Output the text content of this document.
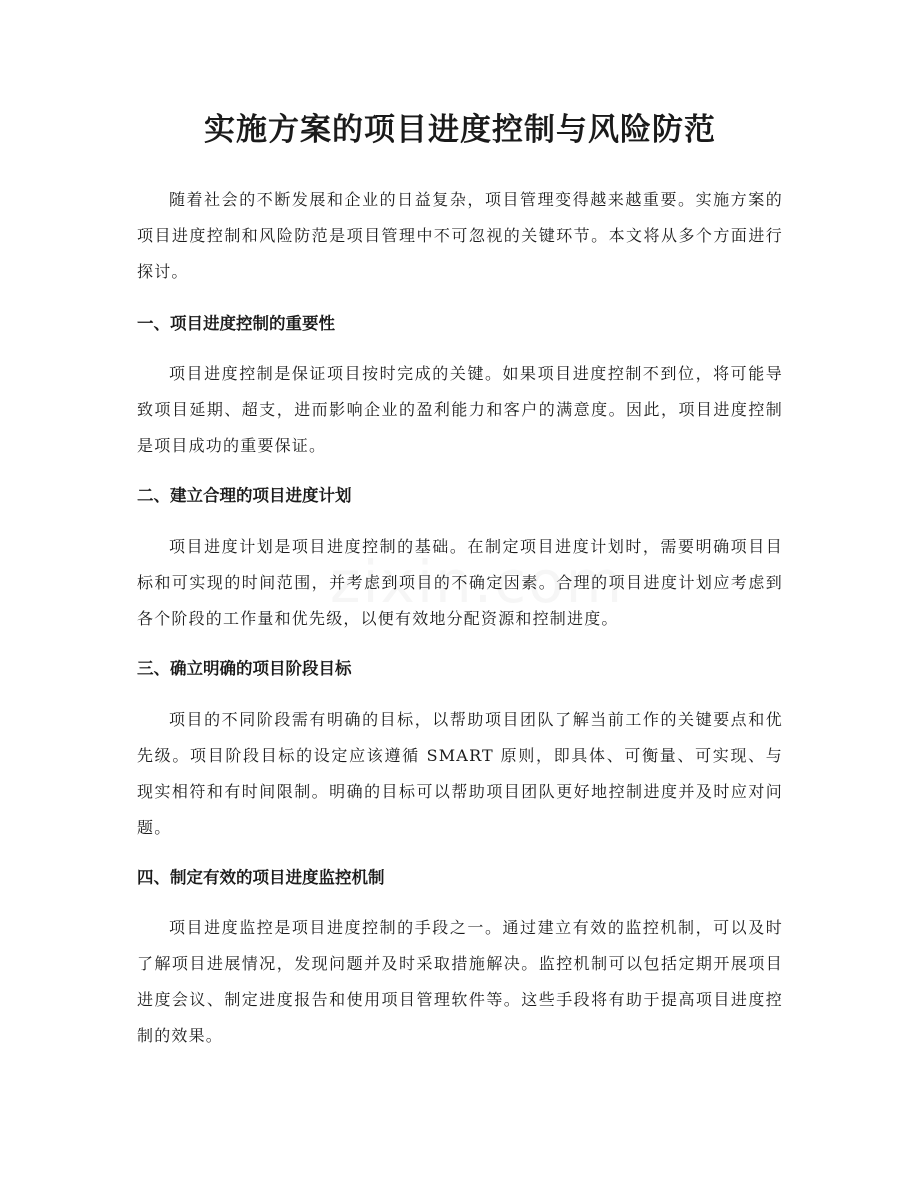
实施方案的项目进度控制与风险防范

随着社会的不断发展和企业的日益复杂，项目管理变得越来越重要。实施方案的项目进度控制和风险防范是项目管理中不可忽视的关键环节。本文将从多个方面进行探讨。

一、项目进度控制的重要性

项目进度控制是保证项目按时完成的关键。如果项目进度控制不到位，将可能导致项目延期、超支，进而影响企业的盈利能力和客户的满意度。因此，项目进度控制是项目成功的重要保证。

二、建立合理的项目进度计划

项目进度计划是项目进度控制的基础。在制定项目进度计划时，需要明确项目目标和可实现的时间范围，并考虑到项目的不确定因素。合理的项目进度计划应考虑到各个阶段的工作量和优先级，以便有效地分配资源和控制进度。

三、确立明确的项目阶段目标

项目的不同阶段需有明确的目标，以帮助项目团队了解当前工作的关键要点和优先级。项目阶段目标的设定应该遵循 SMART 原则，即具体、可衡量、可实现、与现实相符和有时间限制。明确的目标可以帮助项目团队更好地控制进度并及时应对问题。

四、制定有效的项目进度监控机制

项目进度监控是项目进度控制的手段之一。通过建立有效的监控机制，可以及时了解项目进展情况，发现问题并及时采取措施解决。监控机制可以包括定期开展项目进度会议、制定进度报告和使用项目管理软件等。这些手段将有助于提高项目进度控制的效果。
